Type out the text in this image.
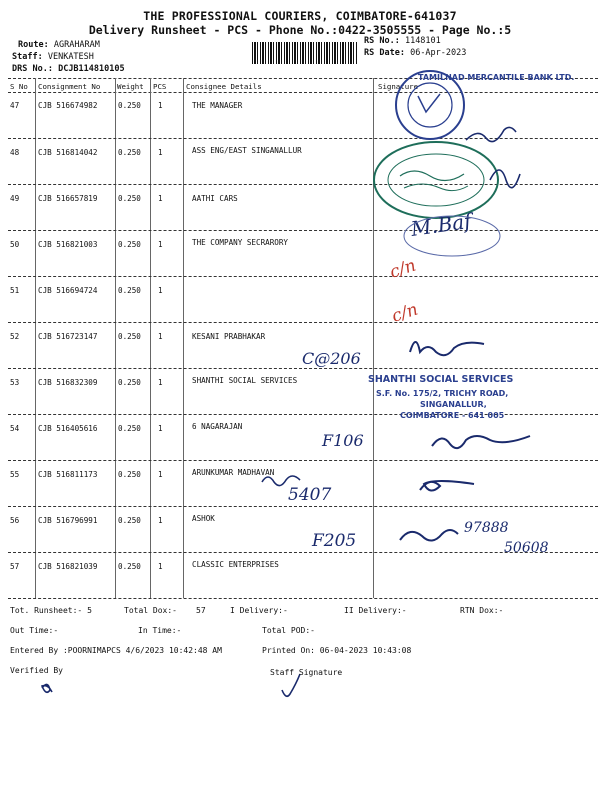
THE PROFESSIONAL COURIERS, COIMBATORE-641037
Delivery Runsheet - PCS - Phone No.:0422-3505555 - Page No.:5
Route: AGRAHARAM
Staff: VENKATESH
DRS No.: DCJB114810105
RS No.: 1148101
RS Date: 06-Apr-2023
S No Consignment No Weight PCS	Consignee Details	Signature
47 CJB 516674982	0.250 1	THE MANAGER
48 CJB 516814042	0.250 1	ASS ENG/EAST SINGANALLUR
49 CJB 516657819	0.250 1	AATHI CARS
50 CJB 516821003	0.250 1	THE COMPANY SECRARORY
51 CJB 516694724	0.250 1
52 CJB 516723147	0.250 1	KESANI PRABHAKAR
53 CJB 516832309	0.250 1	SHANTHI SOCIAL SERVICES
54 CJB 516405616	0.250 1	6 NAGARAJAN
55 CJB 516811173	0.250 1	ARUNKUMAR MADHAVAN
56 CJB 516796991	0.250 1	ASHOK
57 CJB 516821039	0.250 1	CLASSIC ENTERPRISES
TAMILNAD MERCANTILE BANK LTD.
M.Baf
c/n
c/n
C@206
SHANTHI SOCIAL SERVICES
S.F. No. 175/2, TRICHY ROAD,
SINGANALLUR,
COIMBATORE - 641 005
F106
5407
F205
97888
50608
Tot. Runsheet:- 5	Total Dox:- 57	I Delivery:-	II Delivery:-	RTN Dox:-
Out Time:-	In Time:-	Total POD:-
Entered By :POORNIMAPCS 4/6/2023 10:42:48 AM	Printed On: 06-04-2023 10:43:08
Verified By	Staff Signature
